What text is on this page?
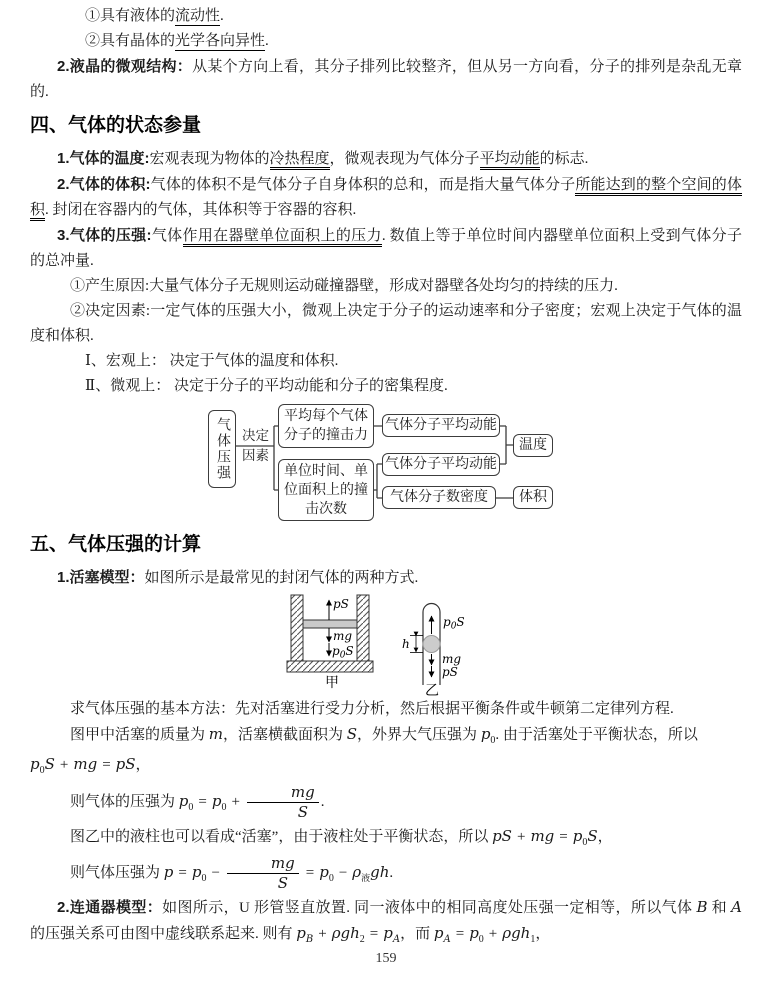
①具有液体的流动性.

②具有晶体的光学各向异性.

2.液晶的微观结构：从某个方向上看，其分子排列比较整齐，但从另一方向看，分子的排列是杂乱无章的.

四、气体的状态参量

1.气体的温度:宏观表现为物体的冷热程度，微观表现为气体分子平均动能的标志.

2.气体的体积:气体的体积不是气体分子自身体积的总和，而是指大量气体分子所能达到的整个空间的体积. 封闭在容器内的气体，其体积等于容器的容积.

3.气体的压强:气体作用在器壁单位面积上的压力. 数值上等于单位时间内器壁单位面积上受到气体分子的总冲量.

①产生原因:大量气体分子无规则运动碰撞器壁，形成对器壁各处均匀的持续的压力.

②决定因素:一定气体的压强大小，微观上决定于分子的运动速率和分子密度；宏观上决定于气体的温度和体积.

Ⅰ、宏观上： 决定于气体的温度和体积.

Ⅱ、微观上： 决定于分子的平均动能和分子的密集程度.

气体压强 决定
因素
平均每个气体分子的撞击力
单位时间、单位面积上的撞击次数
气体分子平均动能
气体分子平均动能
气体分子数密度
温度
体积
五、气体压强的计算

1.活塞模型：如图所示是最常见的封闭气体的两种方式.

pS
mg
p0S
甲
p0S
h
mg
pS
乙

求气体压强的基本方法：先对活塞进行受力分析，然后根据平衡条件或牛顿第二定律列方程.

图甲中活塞的质量为 m，活塞横截面积为 S，外界大气压强为 $p_0$. 由于活塞处于平衡状态，所以

$p_0S$ + mg = pS，

则气体的压强为 $p_0 = p_0 + \frac{mg}{S}$ .

图乙中的液柱也可以看成“活塞”，由于液柱处于平衡状态，所以 pS + mg = $p_0S$，

则气体压强为 $p = p_0 - \frac{mg}{S} = p_0 - \rho_液gh$.

2.连通器模型：如图所示，U 形管竖直放置. 同一液体中的相同高度处压强一定相等，所以气体 B 和 A 的压强关系可由图中虚线联系起来. 则有 $p_B + \rho gh_2 = p_A$，而 $p_A = p_0 + \rho gh_1$，

159
